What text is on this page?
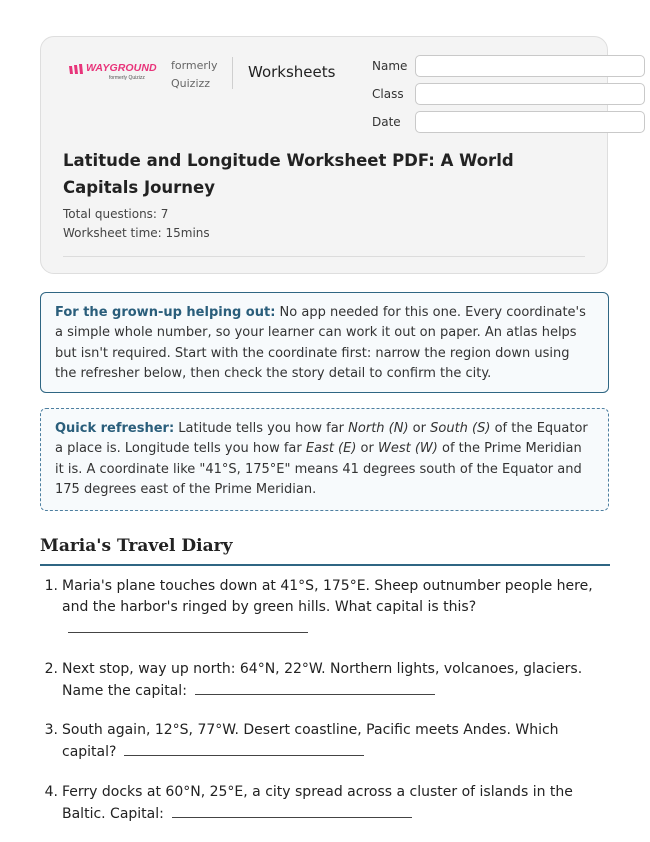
WAYGROUND
formerly Quizizz
formerly Quizizz
Worksheets	Name
Class
Date
Latitude and Longitude Worksheet PDF: A World Capitals Journey
Total questions: 7
Worksheet time: 15mins
For the grown-up helping out: No app needed for this one. Every coordinate's a simple whole number, so your learner can work it out on paper. An atlas helps but isn't required. Start with the coordinate first: narrow the region down using the refresher below, then check the story detail to confirm the city.
Quick refresher: Latitude tells you how far North (N) or South (S) of the Equator a place is. Longitude tells you how far East (E) or West (W) of the Prime Meridian it is. A coordinate like "41°S, 175°E" means 41 degrees south of the Equator and 175 degrees east of the Prime Meridian.
Maria's Travel Diary
1. Maria's plane touches down at 41°S, 175°E. Sheep outnumber people here, and the harbor's ringed by green hills. What capital is this?
2. Next stop, way up north: 64°N, 22°W. Northern lights, volcanoes, glaciers. Name the capital:
3. South again, 12°S, 77°W. Desert coastline, Pacific meets Andes. Which capital?
4. Ferry docks at 60°N, 25°E, a city spread across a cluster of islands in the Baltic. Capital:
